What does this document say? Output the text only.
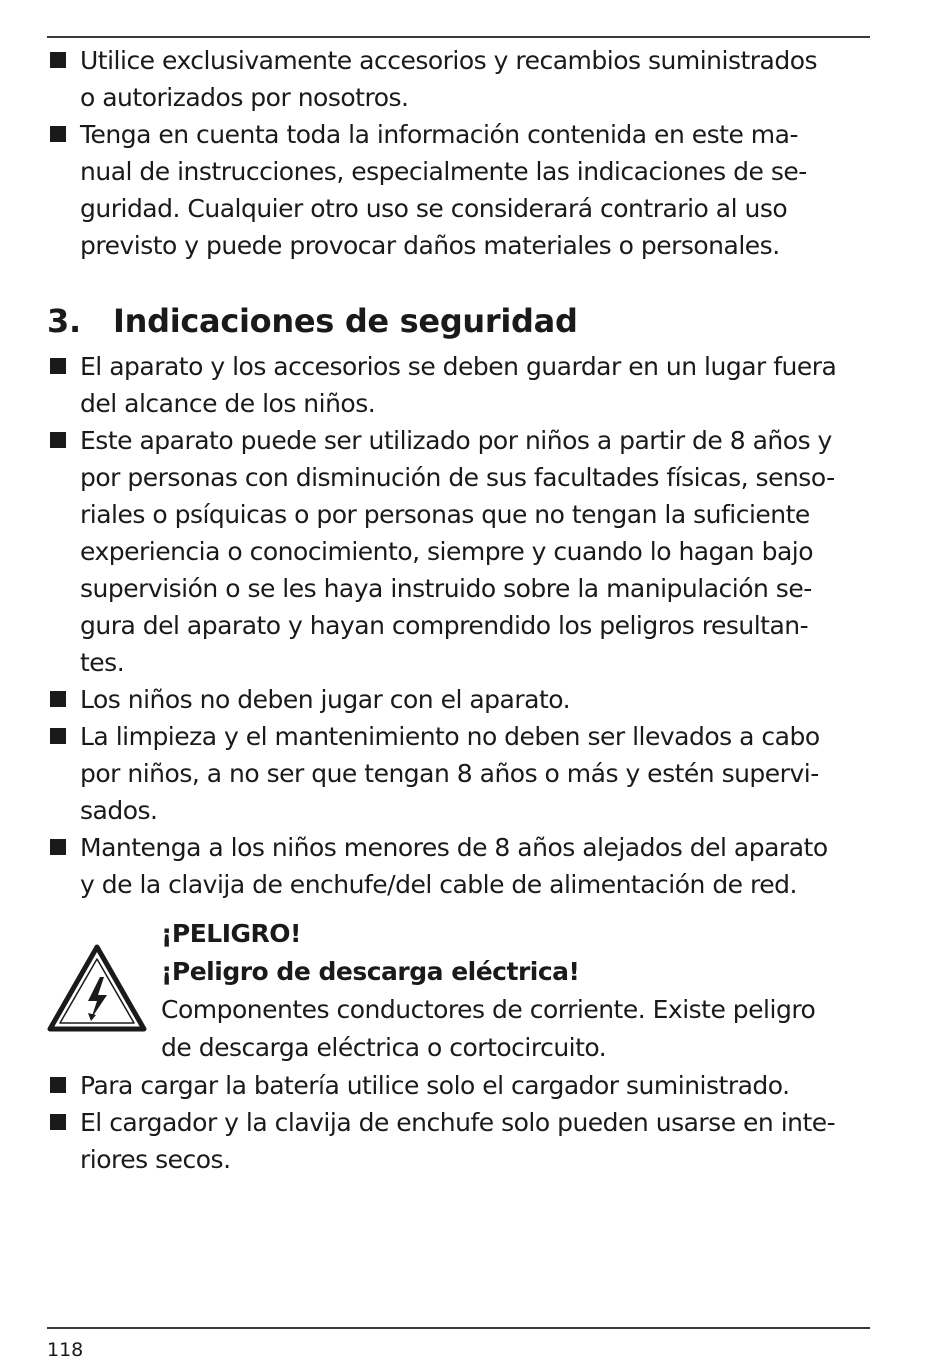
Utilice exclusivamente accesorios y recambios suministrados
o autorizados por nosotros.
Tenga en cuenta toda la información contenida en este ma-
nual de instrucciones, especialmente las indicaciones de se-
guridad. Cualquier otro uso se considerará contrario al uso
previsto y puede provocar daños materiales o personales.
3. Indicaciones de seguridad
El aparato y los accesorios se deben guardar en un lugar fuera
del alcance de los niños.
Este aparato puede ser utilizado por niños a partir de 8 años y
por personas con disminución de sus facultades físicas, senso-
riales o psíquicas o por personas que no tengan la suficiente
experiencia o conocimiento, siempre y cuando lo hagan bajo
supervisión o se les haya instruido sobre la manipulación se-
gura del aparato y hayan comprendido los peligros resultan-
tes.
Los niños no deben jugar con el aparato.
La limpieza y el mantenimiento no deben ser llevados a cabo
por niños, a no ser que tengan 8 años o más y estén supervi-
sados.
Mantenga a los niños menores de 8 años alejados del aparato
y de la clavija de enchufe/del cable de alimentación de red.
¡PELIGRO!
¡Peligro de descarga eléctrica!
Componentes conductores de corriente. Existe peligro
de descarga eléctrica o cortocircuito.
Para cargar la batería utilice solo el cargador suministrado.
El cargador y la clavija de enchufe solo pueden usarse en inte-
riores secos.
118
